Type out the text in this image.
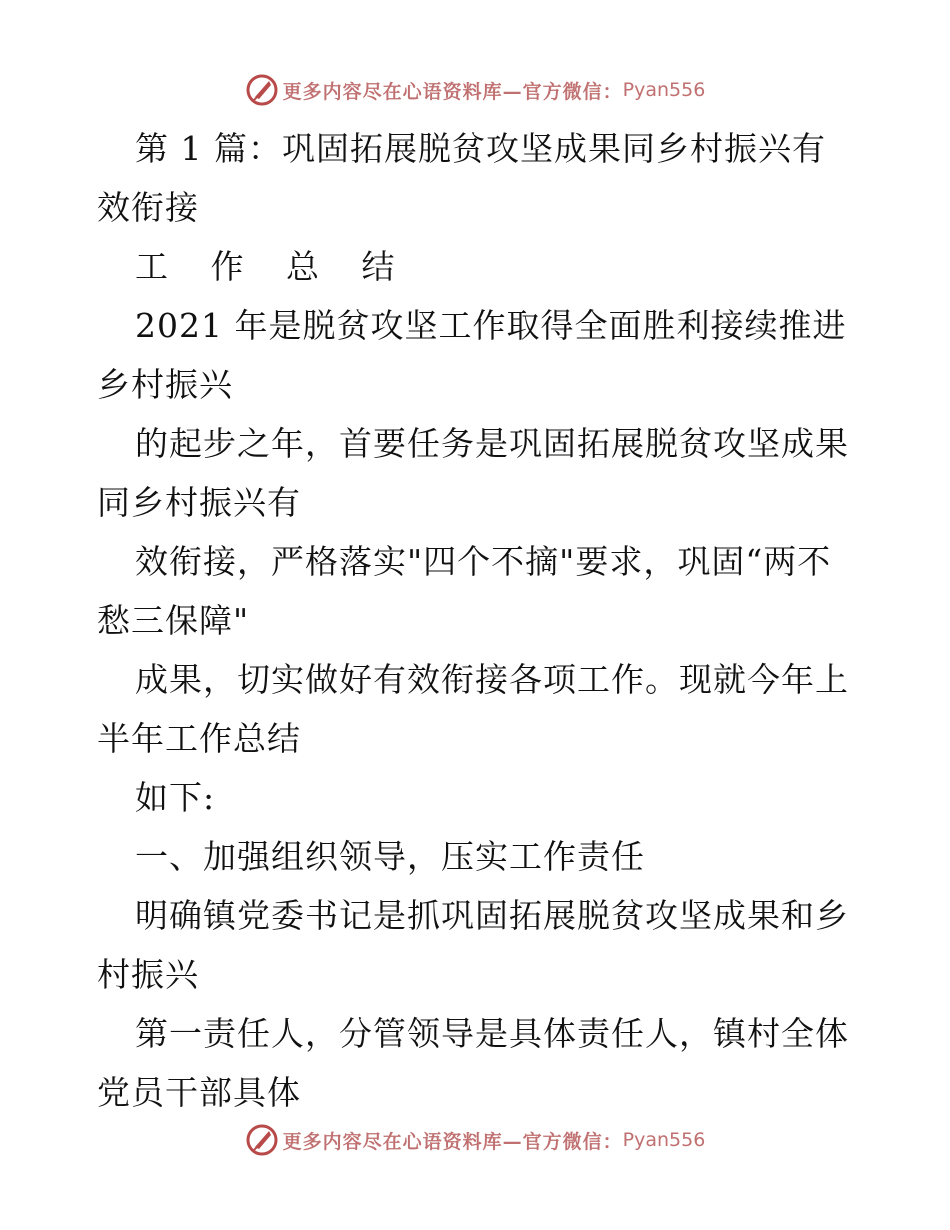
更多内容尽在心语资料库—官方微信： Pyan556
第 1 篇：巩固拓展脱贫攻坚成果同乡村振兴有
效衔接
工 作 总 结
2021 年是脱贫攻坚工作取得全面胜利接续推进
乡村振兴
的起步之年，首要任务是巩固拓展脱贫攻坚成果
同乡村振兴有
效衔接，严格落实"四个不摘"要求，巩固“两不
愁三保障"
成果，切实做好有效衔接各项工作。现就今年上
半年工作总结
如下:
一、加强组织领导，压实工作责任
明确镇党委书记是抓巩固拓展脱贫攻坚成果和乡
村振兴
第一责任人，分管领导是具体责任人，镇村全体
党员干部具体
更多内容尽在心语资料库—官方微信： Pyan556
